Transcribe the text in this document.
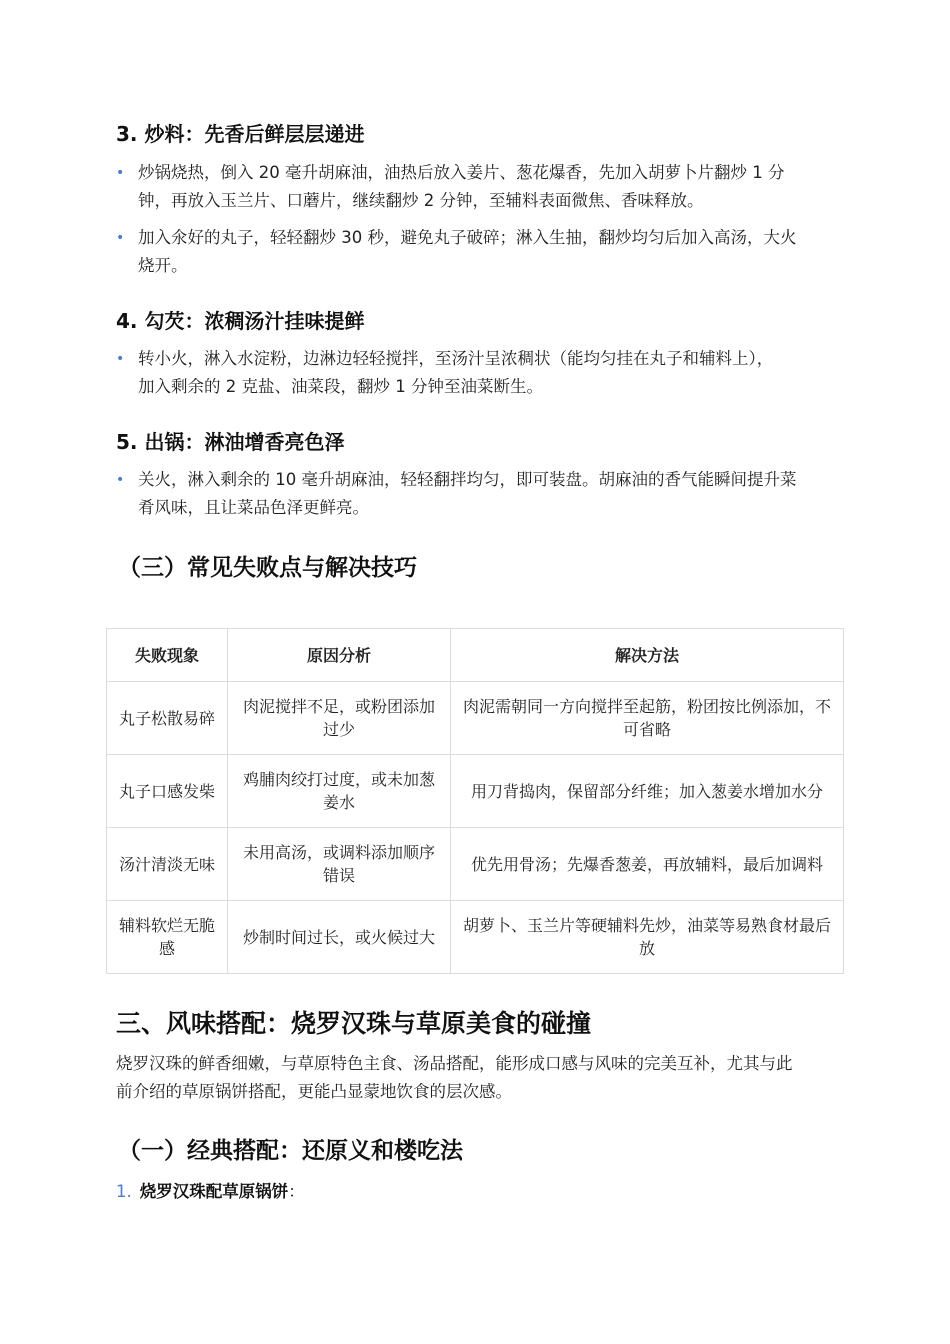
3. 炒料：先香后鲜层层递进
• 炒锅烧热，倒入 20 毫升胡麻油，油热后放入姜片、葱花爆香，先加入胡萝卜片翻炒 1 分
钟，再放入玉兰片、口蘑片，继续翻炒 2 分钟，至辅料表面微焦、香味释放。
• 加入氽好的丸子，轻轻翻炒 30 秒，避免丸子破碎；淋入生抽，翻炒均匀后加入高汤，大火
烧开。
4. 勾芡：浓稠汤汁挂味提鲜
• 转小火，淋入水淀粉，边淋边轻轻搅拌，至汤汁呈浓稠状（能均匀挂在丸子和辅料上），
加入剩余的 2 克盐、油菜段，翻炒 1 分钟至油菜断生。
5. 出锅：淋油增香亮色泽
• 关火，淋入剩余的 10 毫升胡麻油，轻轻翻拌均匀，即可装盘。胡麻油的香气能瞬间提升菜
肴风味，且让菜品色泽更鲜亮。
（三）常见失败点与解决技巧
失败现象	原因分析	解决方法
丸子松散易碎	肉泥搅拌不足，或粉团添加过少	肉泥需朝同一方向搅拌至起筋，粉团按比例添加，不可省略
丸子口感发柴	鸡脯肉绞打过度，或未加葱姜水	用刀背捣肉，保留部分纤维；加入葱姜水增加水分
汤汁清淡无味	未用高汤，或调料添加顺序错误	优先用骨汤；先爆香葱姜，再放辅料，最后加调料
辅料软烂无脆感	炒制时间过长，或火候过大	胡萝卜、玉兰片等硬辅料先炒，油菜等易熟食材最后放
三、风味搭配：烧罗汉珠与草原美食的碰撞
烧罗汉珠的鲜香细嫩，与草原特色主食、汤品搭配，能形成口感与风味的完美互补，尤其与此
前介绍的草原锅饼搭配，更能凸显蒙地饮食的层次感。
（一）经典搭配：还原义和楼吃法
1. 烧罗汉珠配草原锅饼：
